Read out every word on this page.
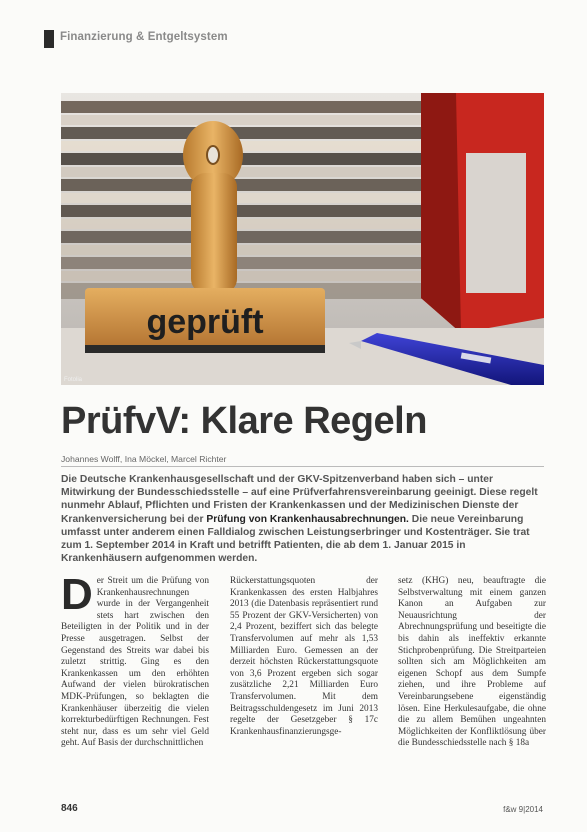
Finanzierung & Entgeltsystem
geprüft
Fotolia
PrüfvV: Klare Regeln
Johannes Wolff, Ina Möckel, Marcel Richter

Die Deutsche Krankenhausgesellschaft und der GKV-Spitzenverband haben sich – unter Mitwirkung der Bundesschiedsstelle – auf eine Prüfverfahrensvereinbarung geeinigt. Diese regelt nunmehr Ablauf, Pflichten und Fristen der Krankenkassen und der Medizinischen Dienste der Krankenversicherung bei der Prüfung von Krankenhausabrechnungen. Die neue Vereinbarung umfasst unter anderem einen Falldialog zwischen Leistungserbringer und Kostenträger. Sie trat zum 1. September 2014 in Kraft und betrifft Patienten, die ab dem 1. Januar 2015 in Krankenhäusern aufgenommen werden.

Der Streit um die Prüfung von Krankenhausrechnungen wurde in der Vergangenheit stets hart zwischen den Beteiligten in der Politik und in der Presse ausgetragen. Selbst der Gegenstand des Streits war dabei bis zuletzt strittig. Ging es den Krankenkassen um den erhöhten Aufwand der vielen bürokratischen MDK-Prüfungen, so beklagten die Krankenhäuser überzeitig die vielen korrekturbedürftigen Rechnungen. Fest steht nur, dass es um sehr viel Geld geht. Auf Basis der durchschnittlichen

Rückerstattungsquoten der Krankenkassen des ersten Halbjahres 2013 (die Datenbasis repräsentiert rund 55 Prozent der GKV-Versicherten) von 2,4 Prozent, beziffert sich das belegte Transfervolumen auf mehr als 1,53 Milliarden Euro. Gemessen an der derzeit höchsten Rückerstattungsquote von 3,6 Prozent ergeben sich sogar zusätzliche 2,21 Milliarden Euro Transfervolumen. Mit dem Beitragsschuldengesetz im Juni 2013 regelte der Gesetzgeber § 17c Krankenhausfinanzierungsge-

setz (KHG) neu, beauftragte die Selbstverwaltung mit einem ganzen Kanon an Aufgaben zur Neuausrichtung der Abrechnungsprüfung und beseitigte die bis dahin als ineffektiv erkannte Stichprobenprüfung. Die Streitparteien sollten sich am Möglichkeiten am eigenen Schopf aus dem Sumpfe ziehen, und ihre Probleme auf Vereinbarungsebene eigenständig lösen. Eine Herkulesaufgabe, die ohne die zu allem Bemühen ungeahnten Möglichkeiten der Konfliktlösung über die Bundesschiedsstelle nach § 18a

846	f&w 9|2014
